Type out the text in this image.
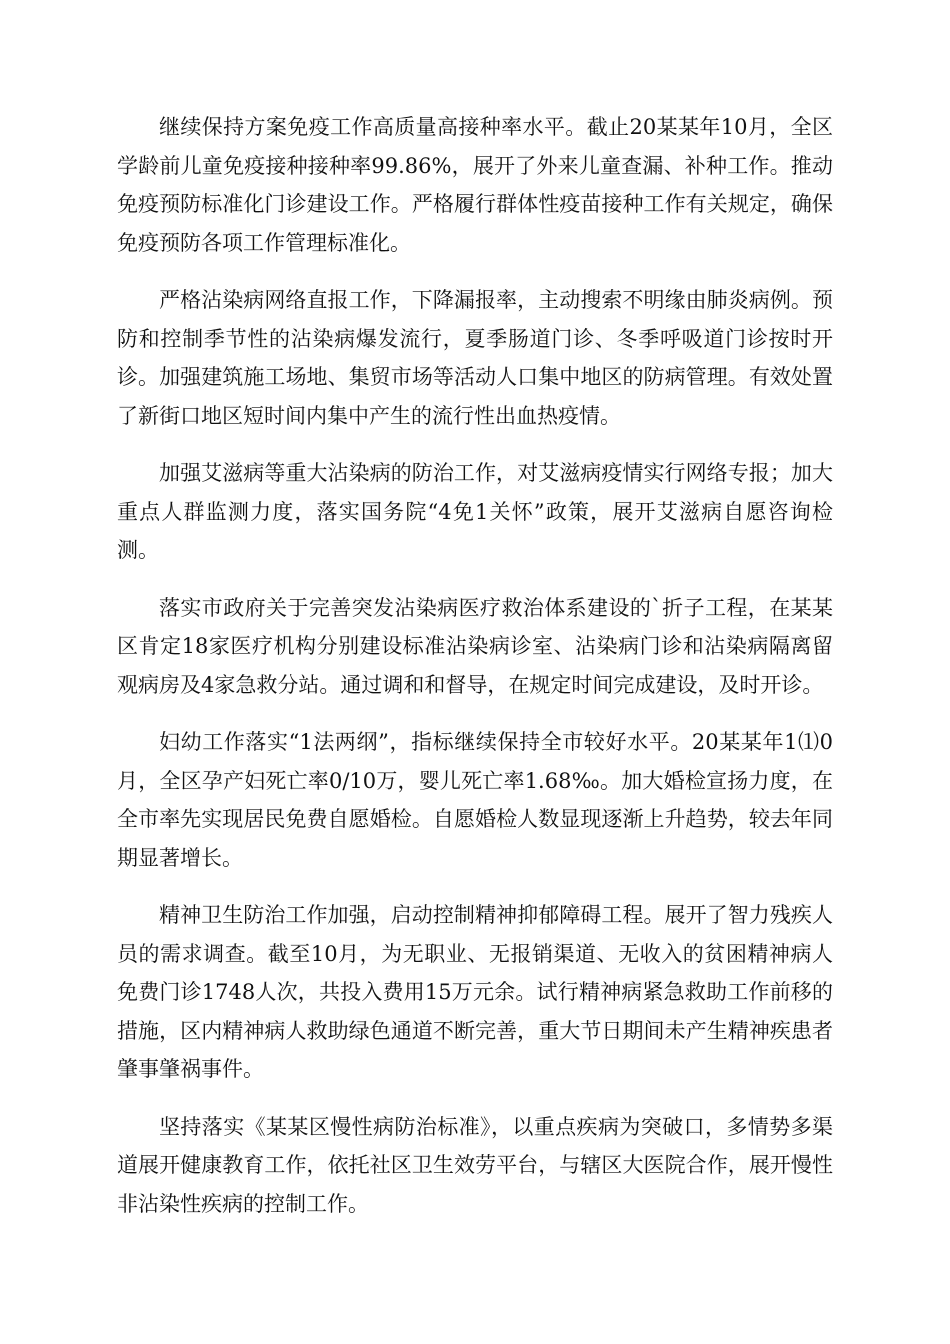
继续保持方案免疫工作高质量高接种率水平。截止20某某年10月，全区学龄前儿童免疫接种接种率99.86%，展开了外来儿童查漏、补种工作。推动免疫预防标准化门诊建设工作。严格履行群体性疫苗接种工作有关规定，确保免疫预防各项工作管理标准化。

严格沾染病网络直报工作，下降漏报率，主动搜索不明缘由肺炎病例。预防和控制季节性的沾染病爆发流行，夏季肠道门诊、冬季呼吸道门诊按时开诊。加强建筑施工场地、集贸市场等活动人口集中地区的防病管理。有效处置了新街口地区短时间内集中产生的流行性出血热疫情。

加强艾滋病等重大沾染病的防治工作，对艾滋病疫情实行网络专报；加大重点人群监测力度，落实国务院“4免1关怀”政策，展开艾滋病自愿咨询检测。

落实市政府关于完善突发沾染病医疗救治体系建设的`折子工程，在某某区肯定18家医疗机构分别建设标准沾染病诊室、沾染病门诊和沾染病隔离留观病房及4家急救分站。通过调和和督导，在规定时间完成建设，及时开诊。

妇幼工作落实“1法两纲”，指标继续保持全市较好水平。20某某年1⑴0月，全区孕产妇死亡率0/10万，婴儿死亡率1.68‰。加大婚检宣扬力度，在全市率先实现居民免费自愿婚检。自愿婚检人数显现逐渐上升趋势，较去年同期显著增长。

精神卫生防治工作加强，启动控制精神抑郁障碍工程。展开了智力残疾人员的需求调查。截至10月，为无职业、无报销渠道、无收入的贫困精神病人免费门诊1748人次，共投入费用15万元余。试行精神病紧急救助工作前移的措施，区内精神病人救助绿色通道不断完善，重大节日期间未产生精神疾患者肇事肇祸事件。

坚持落实《某某区慢性病防治标准》，以重点疾病为突破口，多情势多渠道展开健康教育工作，依托社区卫生效劳平台，与辖区大医院合作，展开慢性非沾染性疾病的控制工作。
